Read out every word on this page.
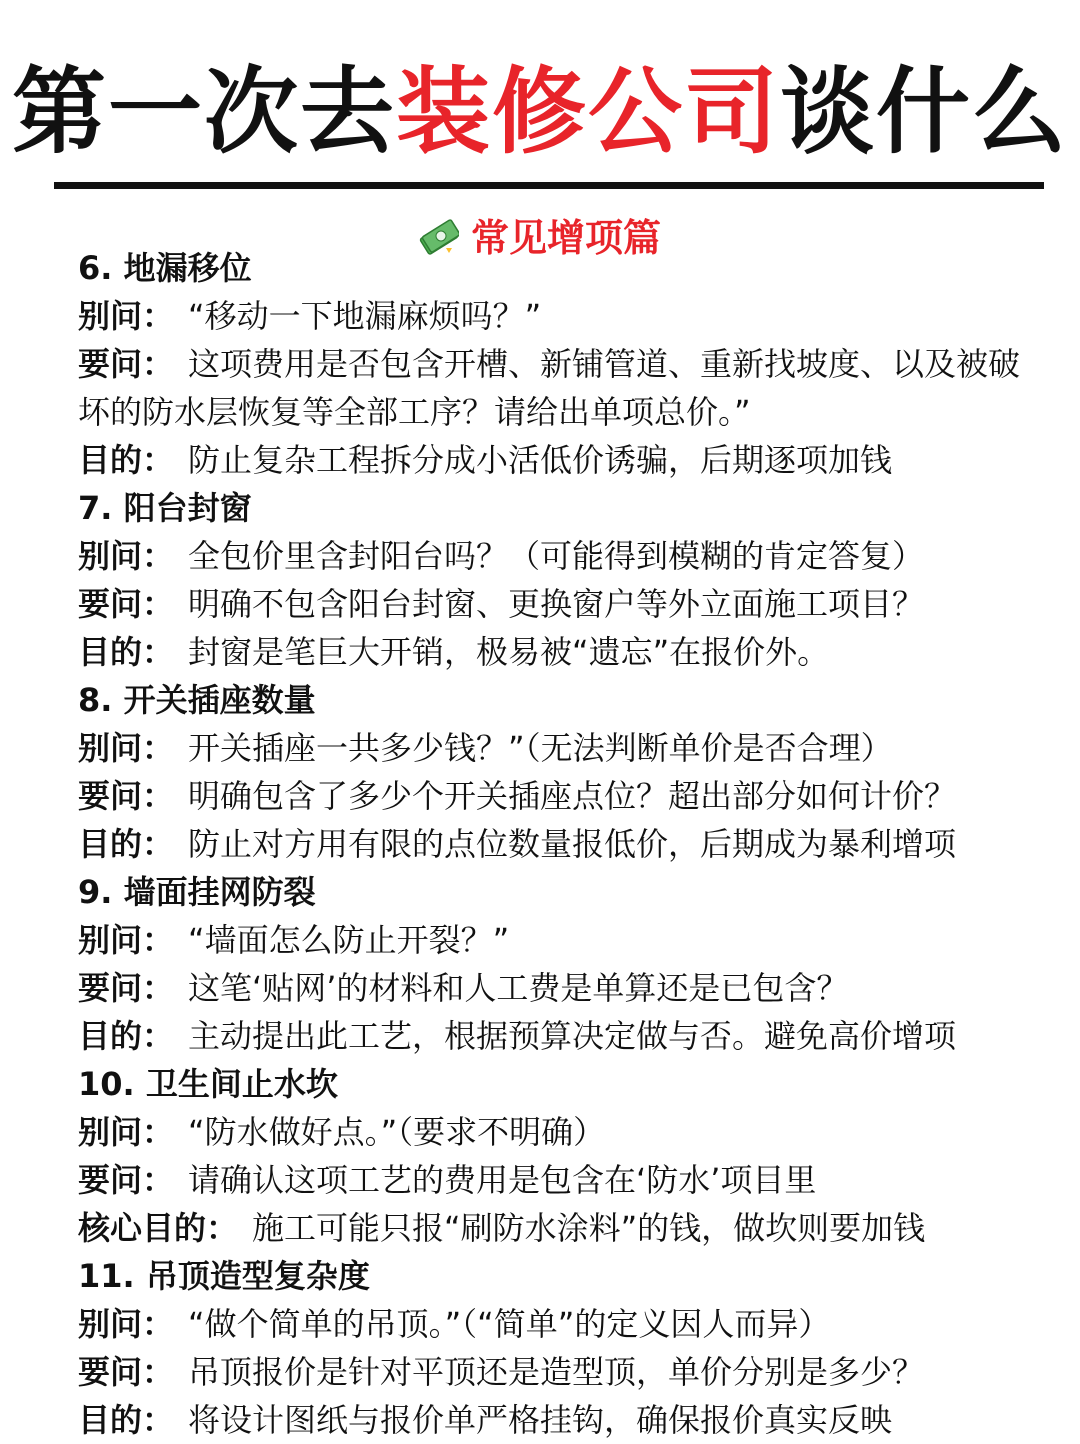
第一次去装修公司谈什么
常见增项篇
6. 地漏移位
别问： “移动一下地漏麻烦吗？”
要问： 这项费用是否包含开槽、新铺管道、重新找坡度、以及被破坏的防水层恢复等全部工序？请给出单项总价。”
目的： 防止复杂工程拆分成小活低价诱骗，后期逐项加钱
7. 阳台封窗
别问： 全包价里含封阳台吗？（可能得到模糊的肯定答复）
要问： 明确不包含阳台封窗、更换窗户等外立面施工项目？
目的： 封窗是笔巨大开销，极易被“遗忘”在报价外。
8. 开关插座数量
别问： 开关插座一共多少钱？”（无法判断单价是否合理）
要问： 明确包含了多少个开关插座点位？超出部分如何计价？
目的： 防止对方用有限的点位数量报低价，后期成为暴利增项
9. 墙面挂网防裂
别问： “墙面怎么防止开裂？”
要问： 这笔‘贴网’的材料和人工费是单算还是已包含？
目的： 主动提出此工艺，根据预算决定做与否。避免高价增项
10. 卫生间止水坎
别问： “防水做好点。”（要求不明确）
要问： 请确认这项工艺的费用是包含在‘防水’项目里
核心目的： 施工可能只报“刷防水涂料”的钱，做坎则要加钱
11. 吊顶造型复杂度
别问： “做个简单的吊顶。”（“简单”的定义因人而异）
要问： 吊顶报价是针对平顶还是造型顶，单价分别是多少？
目的： 将设计图纸与报价单严格挂钩，确保报价真实反映
